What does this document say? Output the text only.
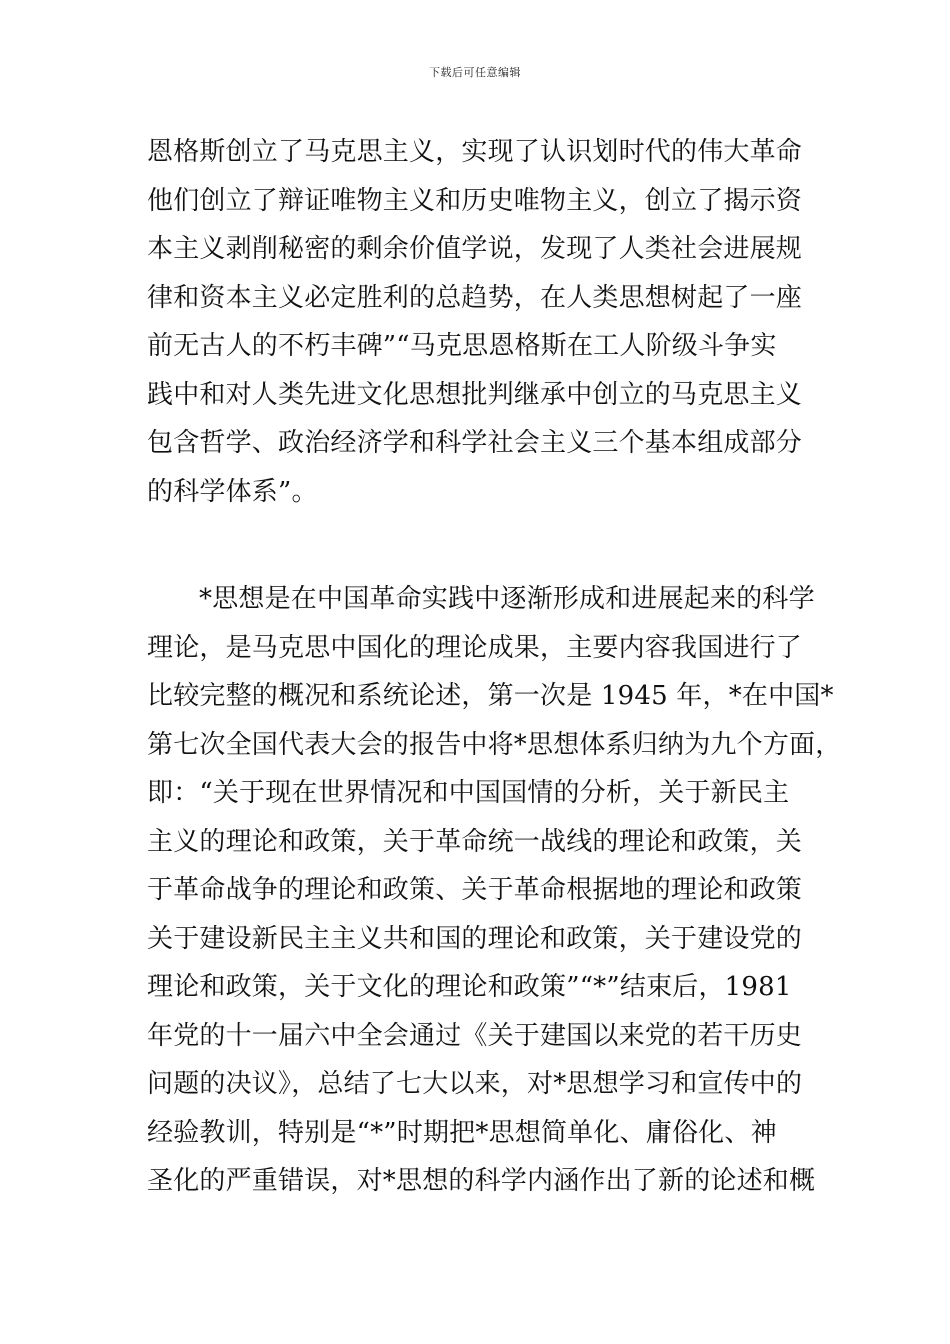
下载后可任意编辑
恩格斯创立了马克思主义，实现了认识划时代的伟大革命
他们创立了辩证唯物主义和历史唯物主义，创立了揭示资
本主义剥削秘密的剩余价值学说，发现了人类社会进展规
律和资本主义必定胜利的总趋势，在人类思想树起了一座
前无古人的不朽丰碑”“马克思恩格斯在工人阶级斗争实
践中和对人类先进文化思想批判继承中创立的马克思主义
包含哲学、政治经济学和科学社会主义三个基本组成部分
的科学体系”。
*思想是在中国革命实践中逐渐形成和进展起来的科学
理论，是马克思中国化的理论成果，主要内容我国进行了
比较完整的概况和系统论述，第一次是 1945 年，*在中国*
第七次全国代表大会的报告中将*思想体系归纳为九个方面，
即：“关于现在世界情况和中国国情的分析，关于新民主
主义的理论和政策，关于革命统一战线的理论和政策，关
于革命战争的理论和政策、关于革命根据地的理论和政策
关于建设新民主主义共和国的理论和政策，关于建设党的
理论和政策，关于文化的理论和政策”“*”结束后，1981
年党的十一届六中全会通过《关于建国以来党的若干历史
问题的决议》，总结了七大以来，对*思想学习和宣传中的
经验教训，特别是“*”时期把*思想简单化、庸俗化、神
圣化的严重错误，对*思想的科学内涵作出了新的论述和概
